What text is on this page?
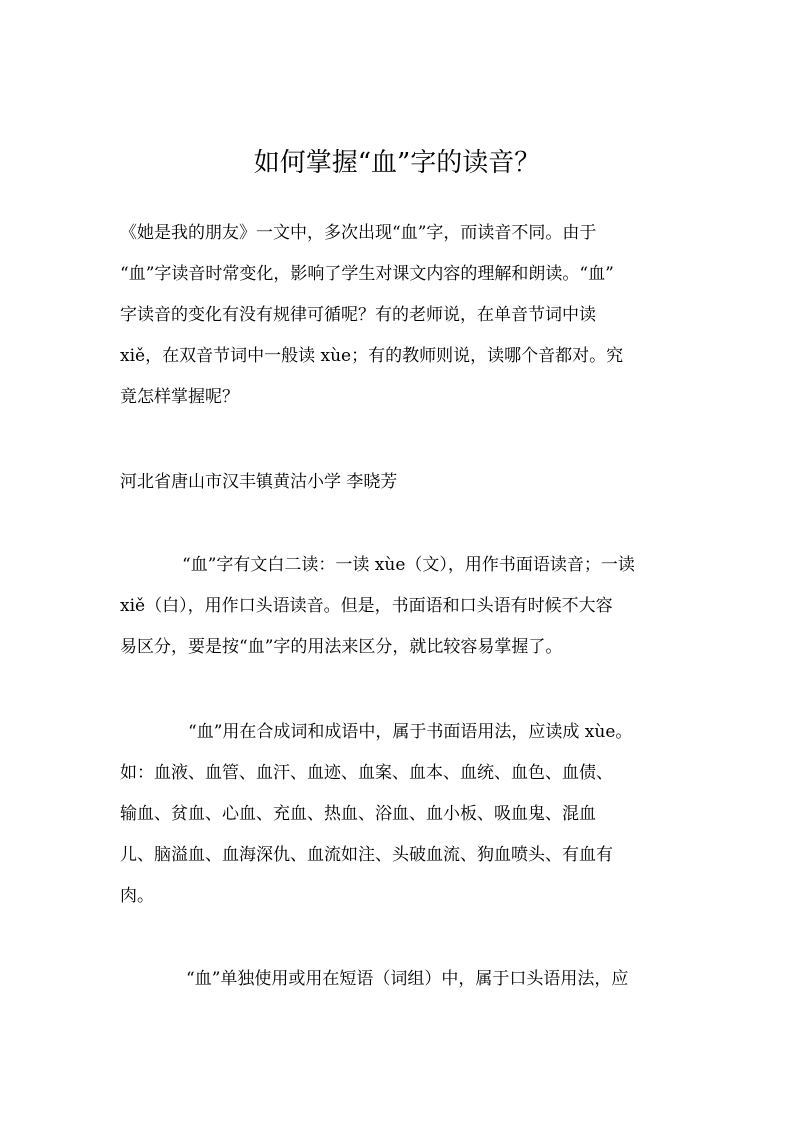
如何掌握“血”字的读音？
《她是我的朋友》一文中，多次出现“血”字，而读音不同。由于
“血”字读音时常变化，影响了学生对课文内容的理解和朗读。“血”
字读音的变化有没有规律可循呢？有的老师说，在单音节词中读
xiě，在双音节词中一般读 xùe；有的教师则说，读哪个音都对。究
竟怎样掌握呢？
河北省唐山市汉丰镇黄沽小学 李晓芳
“血”字有文白二读：一读 xùe（文），用作书面语读音；一读
xiě（白），用作口头语读音。但是，书面语和口头语有时候不大容
易区分，要是按“血”字的用法来区分，就比较容易掌握了。
“血”用在合成词和成语中，属于书面语用法，应读成 xùe。
如：血液、血管、血汗、血迹、血案、血本、血统、血色、血债、
输血、贫血、心血、充血、热血、浴血、血小板、吸血鬼、混血
儿、脑溢血、血海深仇、血流如注、头破血流、狗血喷头、有血有
肉。
“血”单独使用或用在短语（词组）中，属于口头语用法，应
